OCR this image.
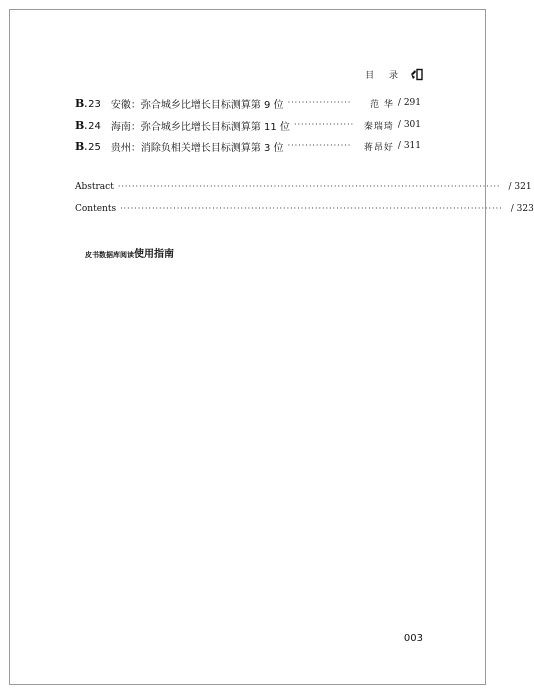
目 录
B . 23 安徽：弥合城乡比增长目标测算第 9 位 ··················	范 华 / 291
B . 24 海南：弥合城乡比增长目标测算第 11 位 ·················	秦瑞琦 / 301
B . 25 贵州：消除负相关增长目标测算第 3 位 ··················	蒋昂好 / 311
Abstract ············································································································ / 321
Contents ············································································································ / 323
皮书数据库阅读 使用指南
003
